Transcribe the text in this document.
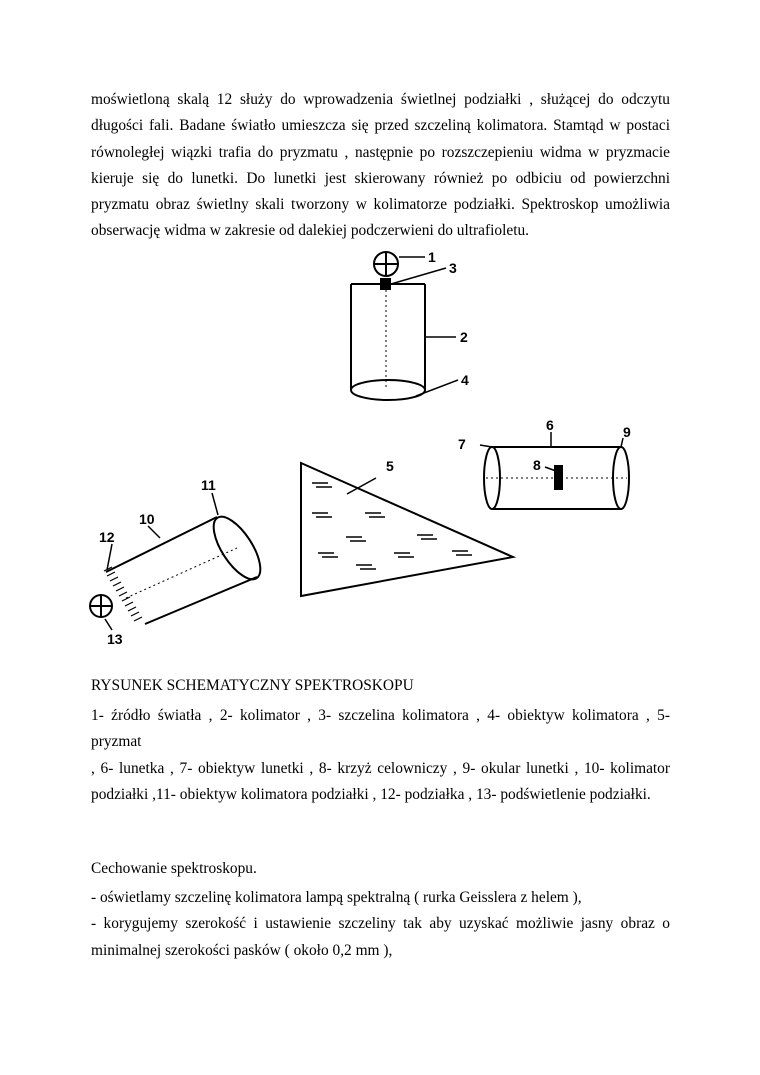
moświetloną skalą 12 służy do wprowadzenia świetlnej podziałki , służącej do odczytu
długości fali. Badane światło umieszcza się przed szczeliną kolimatora. Stamtąd w postaci
równoległej wiązki trafia do pryzmatu , następnie po rozszczepieniu widma w pryzmacie
kieruje się do lunetki. Do lunetki jest skierowany również po odbiciu od powierzchni
pryzmatu obraz świetlny skali tworzony w kolimatorze podziałki. Spektroskop umożliwia
obserwację widma w zakresie od dalekiej podczerwieni do ultrafioletu.
1
3
2
4
6	9
7
5	8
11
10
12
13
RYSUNEK SCHEMATYCZNY SPEKTROSKOPU
1- źródło światła , 2- kolimator , 3- szczelina kolimatora , 4- obiektyw kolimatora , 5- pryzmat
, 6- lunetka , 7- obiektyw lunetki , 8- krzyż celowniczy , 9- okular lunetki , 10- kolimator
podziałki ,11- obiektyw kolimatora podziałki , 12- podziałka , 13- podświetlenie podziałki.
Cechowanie spektroskopu.
- oświetlamy szczelinę kolimatora lampą spektralną ( rurka Geisslera z helem ),
- korygujemy szerokość i ustawienie szczeliny tak aby uzyskać możliwie jasny obraz o
minimalnej szerokości pasków ( około 0,2 mm ),
